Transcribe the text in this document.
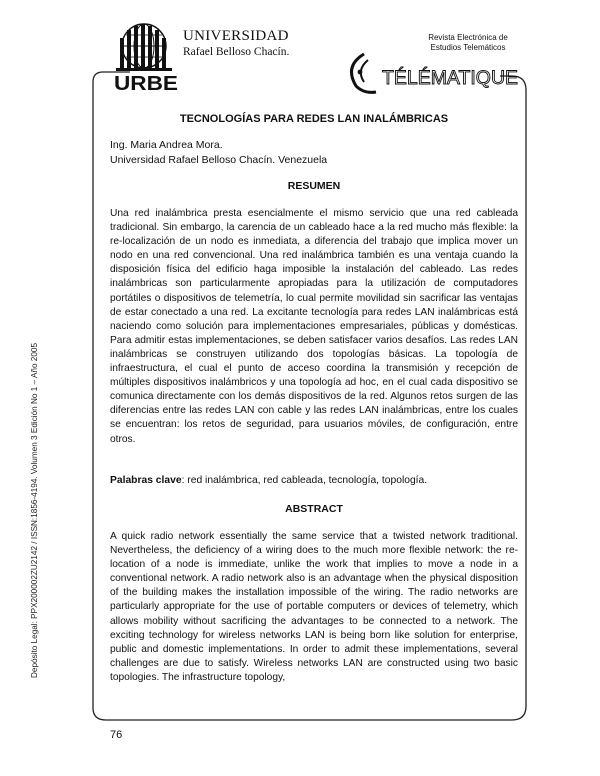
URBE
UNIVERSIDAD
Rafael Belloso Chacín.
Revista Electrónica de
Estudios Telemáticos
TÉLÉMATIQUE
Depósito Legal: PPX200002ZU2142 / ISSN:1856-4194. Volumen 3 Edición No 1 – Año 2005
TECNOLOGÍAS PARA REDES LAN INALÁMBRICAS
Ing. Maria Andrea Mora.
Universidad Rafael Belloso Chacín. Venezuela
RESUMEN

Una red inalámbrica presta esencialmente el mismo servicio que una red cableada tradicional. Sin embargo, la carencia de un cableado hace a la red mucho más flexible: la re-localización de un nodo es inmediata, a diferencia del trabajo que implica mover un nodo en una red convencional. Una red inalámbrica también es una ventaja cuando la disposición física del edificio haga imposible la instalación del cableado. Las redes inalámbricas son particularmente apropiadas para la utilización de computadores portátiles o dispositivos de telemetría, lo cual permite movilidad sin sacrificar las ventajas de estar conectado a una red. La excitante tecnología para redes LAN inalámbricas está naciendo como solución para implementaciones empresariales, públicas y domésticas. Para admitir estas implementaciones, se deben satisfacer varios desafíos. Las redes LAN inalámbricas se construyen utilizando dos topologías básicas. La topología de infraestructura, el cual el punto de acceso coordina la transmisión y recepción de múltiples dispositivos inalámbricos y una topología ad hoc, en el cual cada dispositivo se comunica directamente con los demás dispositivos de la red. Algunos retos surgen de las diferencias entre las redes LAN con cable y las redes LAN inalámbricas, entre los cuales se encuentran: los retos de seguridad, para usuarios móviles, de configuración, entre otros.

Palabras clave: red inalámbrica, red cableada, tecnología, topología.
ABSTRACT

A quick radio network essentially the same service that a twisted network traditional. Nevertheless, the deficiency of a wiring does to the much more flexible network: the re-location of a node is immediate, unlike the work that implies to move a node in a conventional network. A radio network also is an advantage when the physical disposition of the building makes the installation impossible of the wiring. The radio networks are particularly appropriate for the use of portable computers or devices of telemetry, which allows mobility without sacrificing the advantages to be connected to a network. The exciting technology for wireless networks LAN is being born like solution for enterprise, public and domestic implementations. In order to admit these implementations, several challenges are due to satisfy. Wireless networks LAN are constructed using two basic topologies. The infrastructure topology,

76
